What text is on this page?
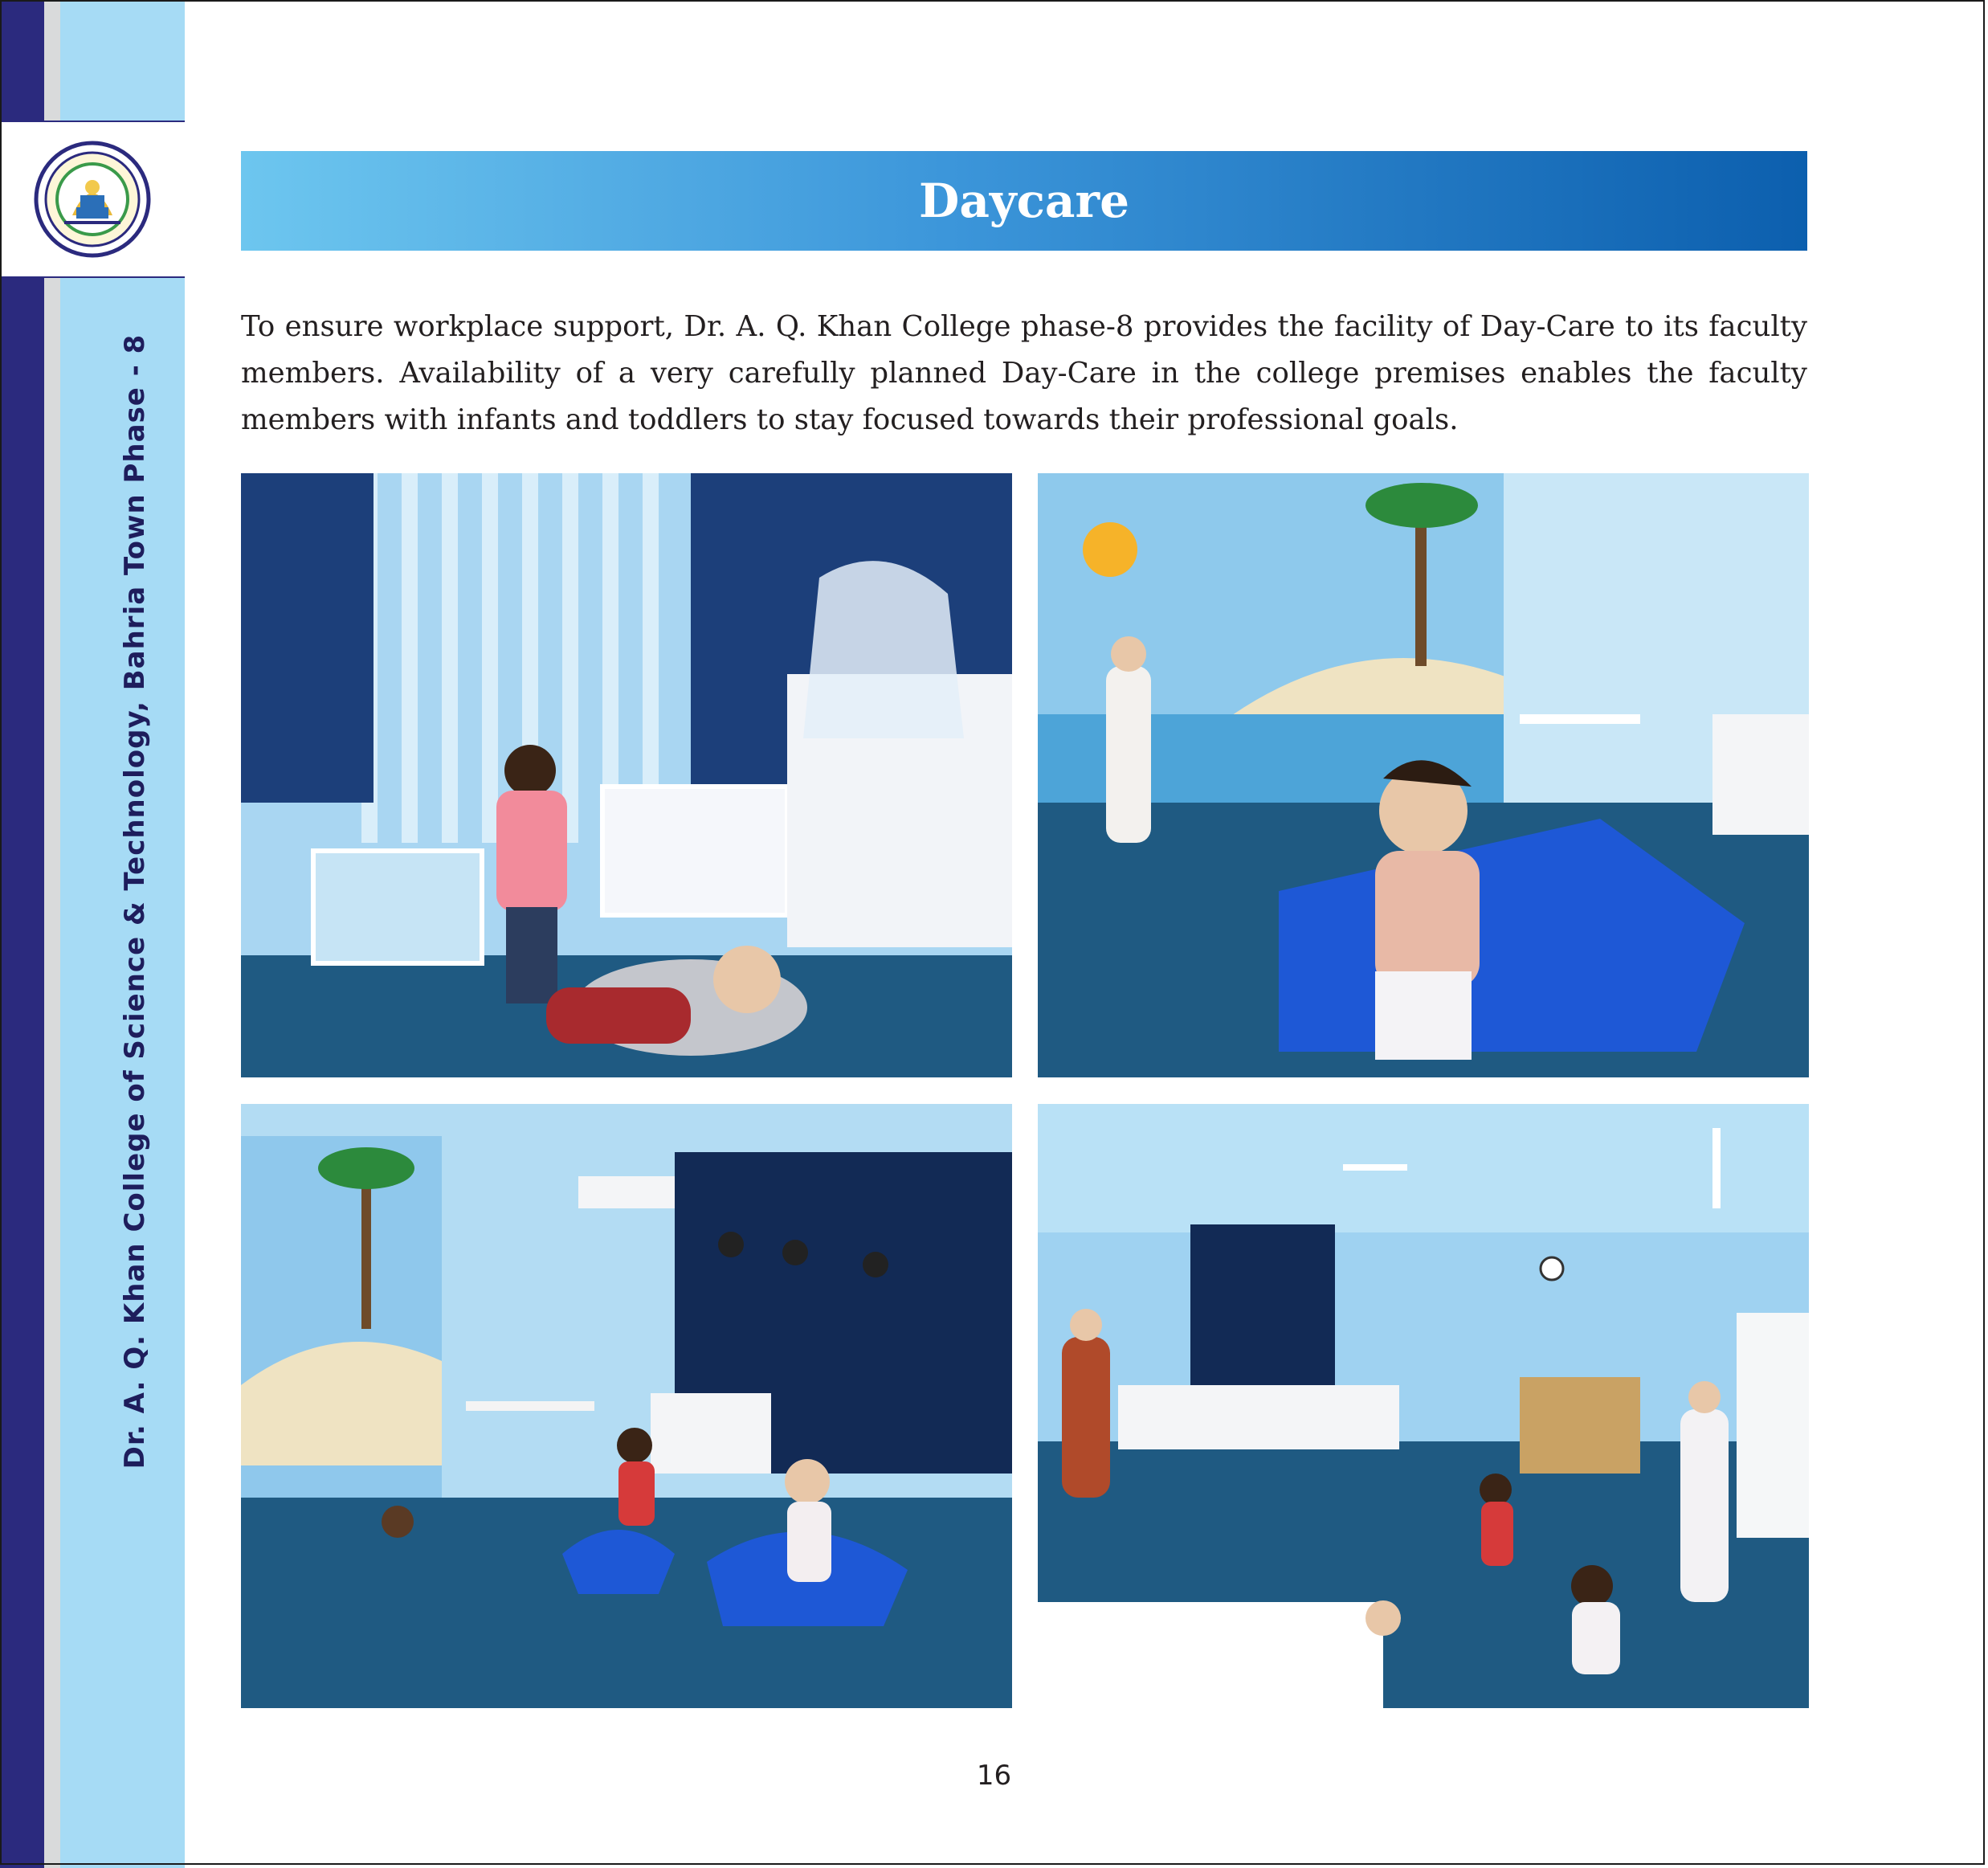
Dr. A. Q. Khan College of Science & Technology, Bahria Town Phase - 8
Daycare

To ensure workplace support, Dr. A. Q. Khan College phase-8 provides the facility of Day-Care to its faculty members. Availability of a very carefully planned Day-Care in the college premises enables the faculty members with infants and toddlers to stay focused towards their professional goals.

16
